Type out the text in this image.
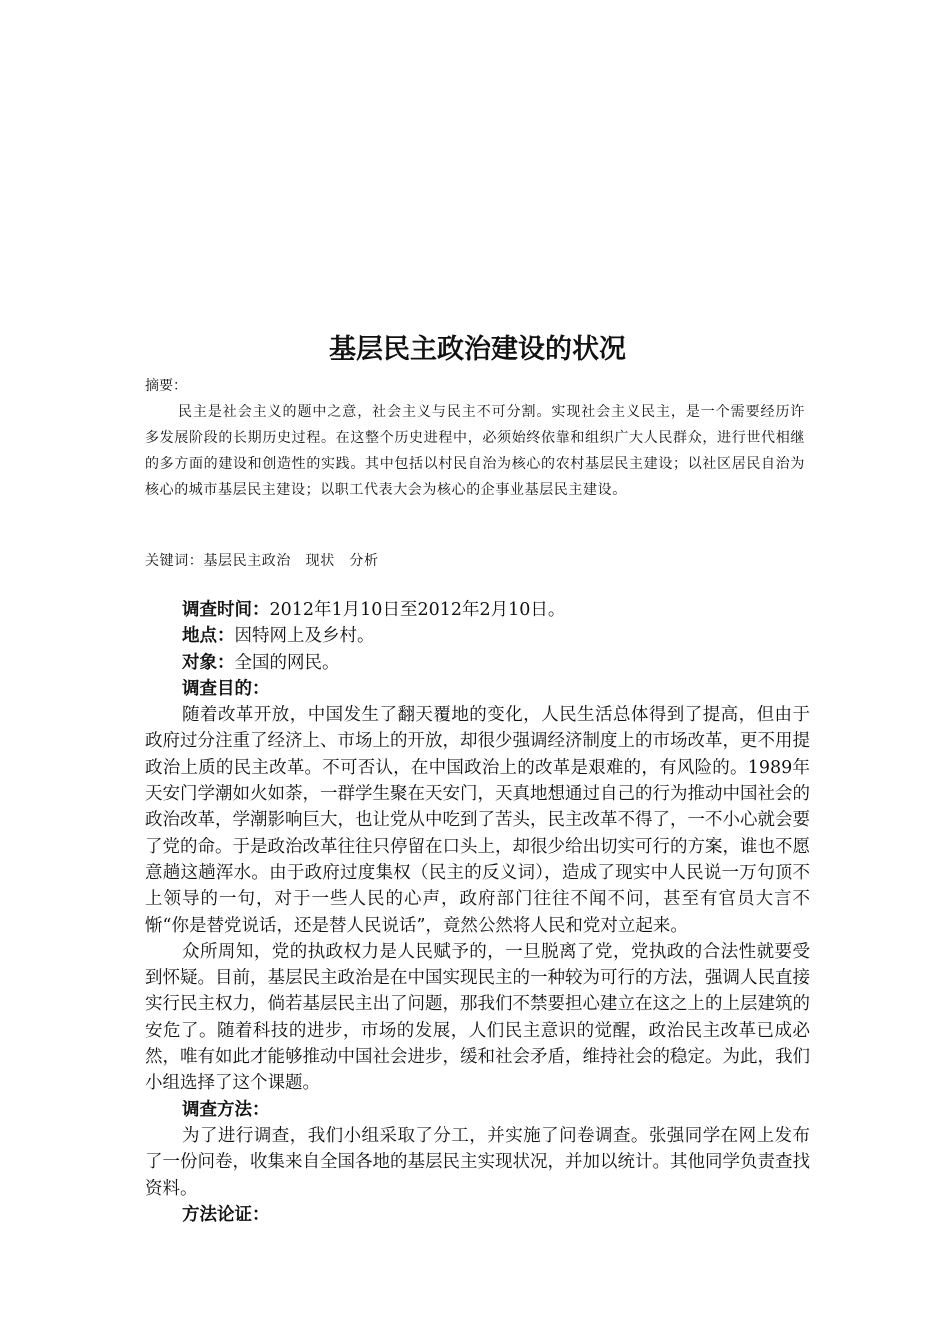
基层民主政治建设的状况

摘要：

民主是社会主义的题中之意，社会主义与民主不可分割。实现社会主义民主，是一个需要经历许多发展阶段的长期历史过程。在这整个历史进程中，必须始终依靠和组织广大人民群众，进行世代相继的多方面的建设和创造性的实践。其中包括以村民自治为核心的农村基层民主建设；以社区居民自治为核心的城市基层民主建设；以职工代表大会为核心的企事业基层民主建设。

关键词：基层民主政治　现状　分析

调查时间：2012年1月10日至2012年2月10日。

地点：因特网上及乡村。

对象：全国的网民。

调查目的：

随着改革开放，中国发生了翻天覆地的变化，人民生活总体得到了提高，但由于政府过分注重了经济上、市场上的开放，却很少强调经济制度上的市场改革，更不用提政治上质的民主改革。不可否认，在中国政治上的改革是艰难的，有风险的。1989年天安门学潮如火如荼，一群学生聚在天安门，天真地想通过自己的行为推动中国社会的政治改革，学潮影响巨大，也让党从中吃到了苦头，民主改革不得了，一不小心就会要了党的命。于是政治改革往往只停留在口头上，却很少给出切实可行的方案，谁也不愿意趟这趟浑水。由于政府过度集权（民主的反义词），造成了现实中人民说一万句顶不上领导的一句，对于一些人民的心声，政府部门往往不闻不问，甚至有官员大言不惭“你是替党说话，还是替人民说话”，竟然公然将人民和党对立起来。

众所周知，党的执政权力是人民赋予的，一旦脱离了党，党执政的合法性就要受到怀疑。目前，基层民主政治是在中国实现民主的一种较为可行的方法，强调人民直接实行民主权力，倘若基层民主出了问题，那我们不禁要担心建立在这之上的上层建筑的安危了。随着科技的进步，市场的发展，人们民主意识的觉醒，政治民主改革已成必然，唯有如此才能够推动中国社会进步，缓和社会矛盾，维持社会的稳定。为此，我们小组选择了这个课题。

调查方法：

为了进行调查，我们小组采取了分工，并实施了问卷调查。张强同学在网上发布了一份问卷，收集来自全国各地的基层民主实现状况，并加以统计。其他同学负责查找资料。

方法论证：
